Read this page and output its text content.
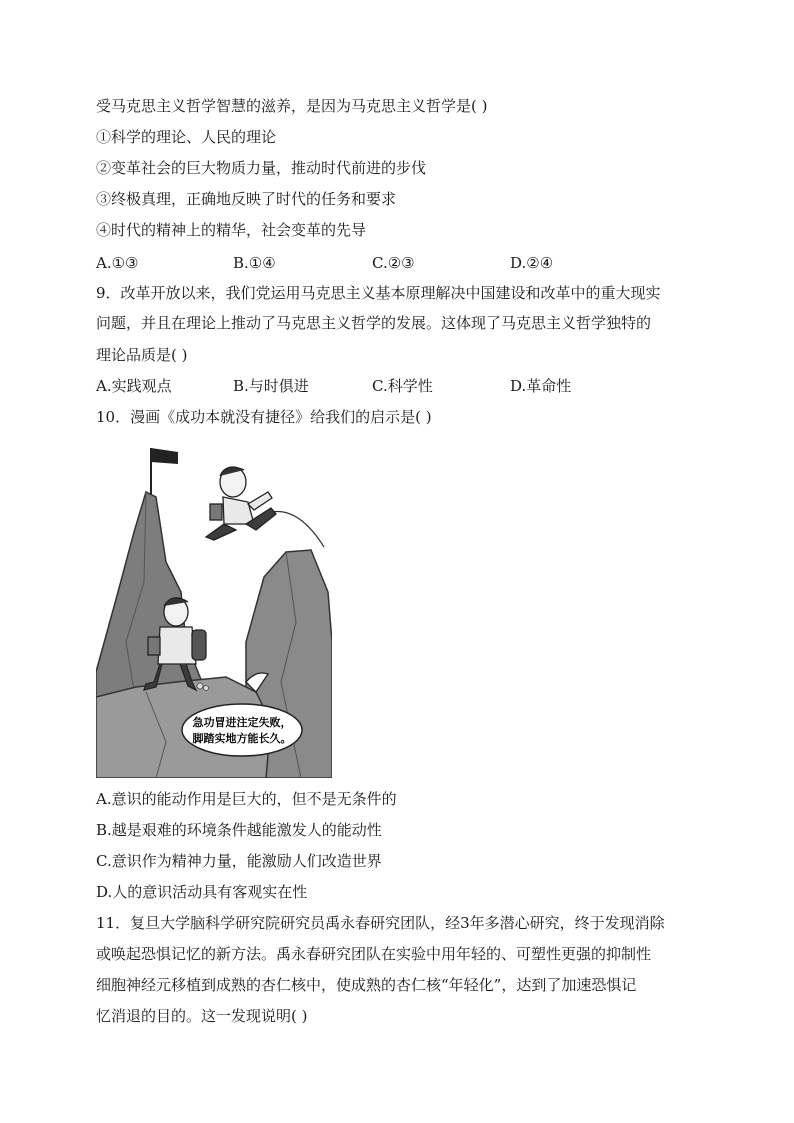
受马克思主义哲学智慧的滋养，是因为马克思主义哲学是( )
①科学的理论、人民的理论
②变革社会的巨大物质力量，推动时代前进的步伐
③终极真理，正确地反映了时代的任务和要求
④时代的精神上的精华，社会变革的先导
A.①③	B.①④	C.②③	D.②④
9．改革开放以来，我们党运用马克思主义基本原理解决中国建设和改革中的重大现实
问题，并且在理论上推动了马克思主义哲学的发展。这体现了马克思主义哲学独特的
理论品质是( )
A.实践观点	B.与时俱进	C.科学性	D.革命性
10．漫画《成功本就没有捷径》给我们的启示是( )
急功冒进注定失败，
脚踏实地方能长久。
A.意识的能动作用是巨大的，但不是无条件的
B.越是艰难的环境条件越能激发人的能动性
C.意识作为精神力量，能激励人们改造世界
D.人的意识活动具有客观实在性
11．复旦大学脑科学研究院研究员禹永春研究团队，经3年多潜心研究，终于发现消除
或唤起恐惧记忆的新方法。禹永春研究团队在实验中用年轻的、可塑性更强的抑制性
细胞神经元移植到成熟的杏仁核中，使成熟的杏仁核“年轻化”，达到了加速恐惧记
忆消退的目的。这一发现说明( )
